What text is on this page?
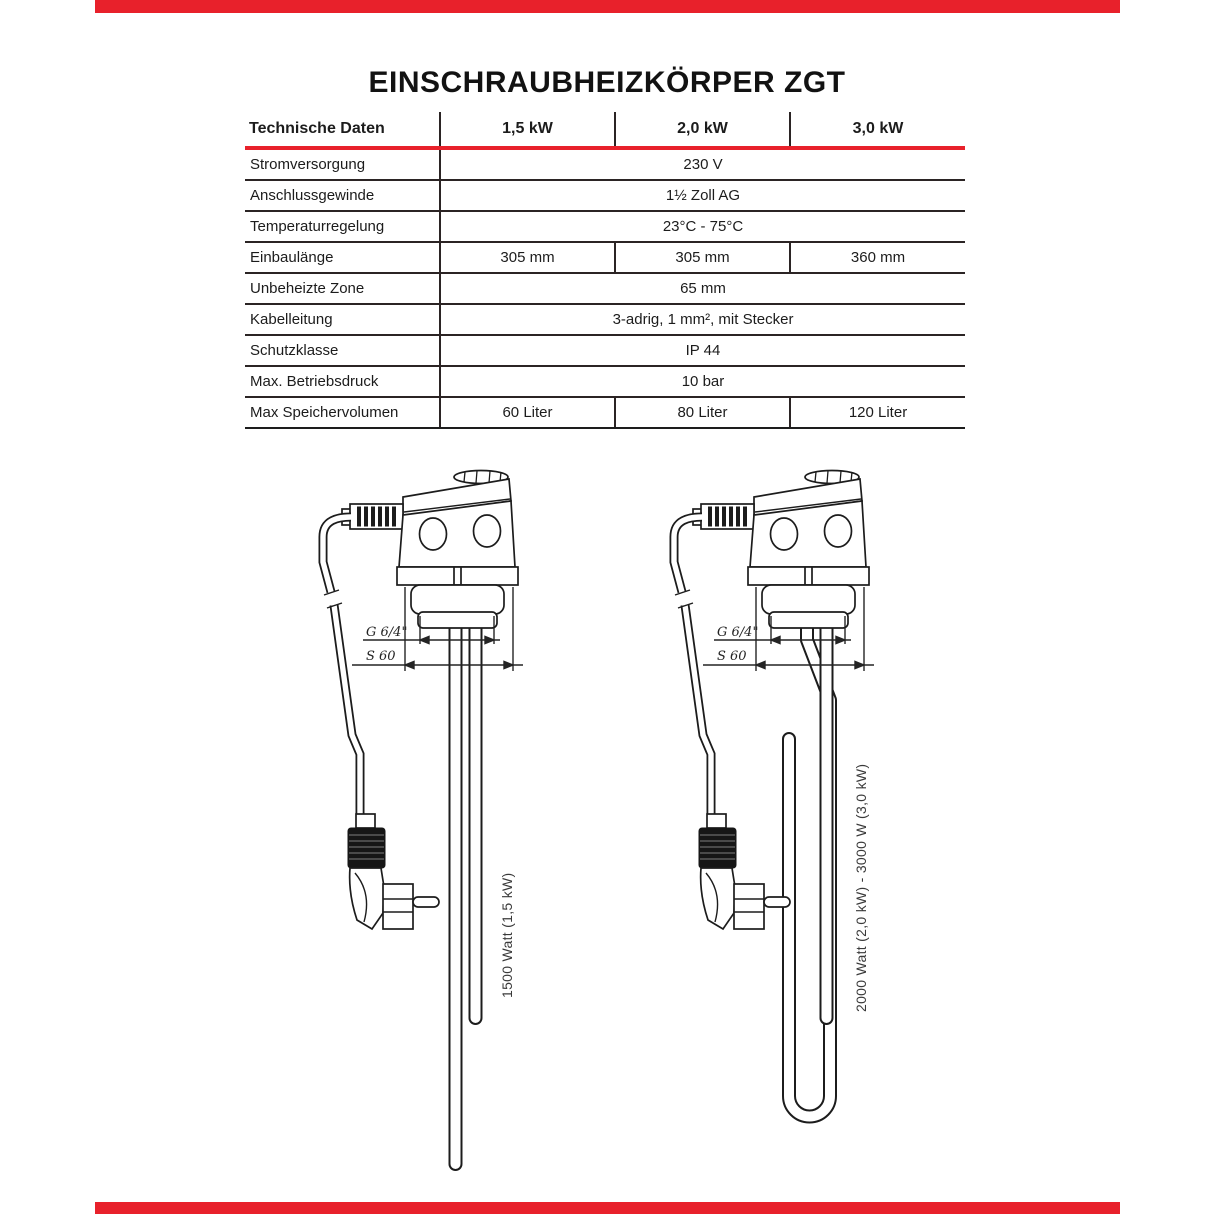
EINSCHRAUBHEIZKÖRPER ZGT
Technische Daten	1,5 kW	2,0 kW	3,0 kW
Stromversorgung	230 V		
Anschlussgewinde	1½ Zoll AG		
Temperaturregelung	23°C - 75°C		
Einbaulänge	305 mm	305 mm	360 mm
Unbeheizte Zone	65 mm		
Kabelleitung	3-adrig, 1 mm², mit Stecker		
Schutzklasse	IP 44		
Max. Betriebsdruck	10 bar		
Max Speichervolumen	60 Liter	80 Liter	120 Liter
G 6/4"
S 60
1500 Watt (1,5 kW)
G 6/4"
S 60
2000 Watt (2,0 kW) - 3000 W (3,0 kW)
